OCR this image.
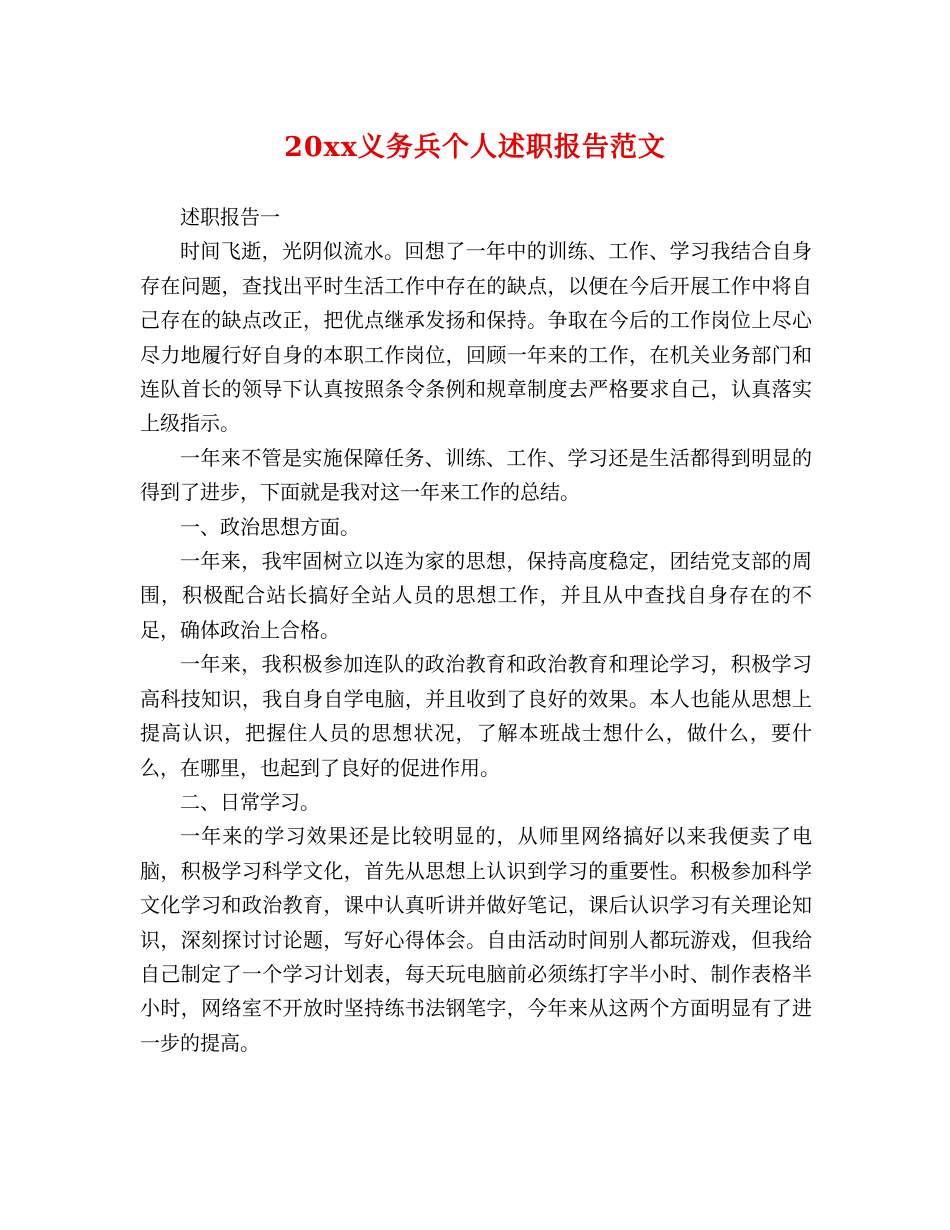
20xx义务兵个人述职报告范文

述职报告一

时间飞逝，光阴似流水。回想了一年中的训练、工作、学习我结合自身存在问题，查找出平时生活工作中存在的缺点，以便在今后开展工作中将自己存在的缺点改正，把优点继承发扬和保持。争取在今后的工作岗位上尽心尽力地履行好自身的本职工作岗位，回顾一年来的工作，在机关业务部门和连队首长的领导下认真按照条令条例和规章制度去严格要求自己，认真落实上级指示。

一年来不管是实施保障任务、训练、工作、学习还是生活都得到明显的得到了进步，下面就是我对这一年来工作的总结。

一、政治思想方面。

一年来，我牢固树立以连为家的思想，保持高度稳定，团结党支部的周围，积极配合站长搞好全站人员的思想工作，并且从中查找自身存在的不足，确体政治上合格。

一年来，我积极参加连队的政治教育和政治教育和理论学习，积极学习高科技知识，我自身自学电脑，并且收到了良好的效果。本人也能从思想上提高认识，把握住人员的思想状况，了解本班战士想什么，做什么，要什么，在哪里，也起到了良好的促进作用。

二、日常学习。

一年来的学习效果还是比较明显的，从师里网络搞好以来我便卖了电脑，积极学习科学文化，首先从思想上认识到学习的重要性。积极参加科学文化学习和政治教育，课中认真听讲并做好笔记，课后认识学习有关理论知识，深刻探讨讨论题，写好心得体会。自由活动时间别人都玩游戏，但我给自己制定了一个学习计划表，每天玩电脑前必须练打字半小时、制作表格半小时，网络室不开放时坚持练书法钢笔字，今年来从这两个方面明显有了进一步的提高。
